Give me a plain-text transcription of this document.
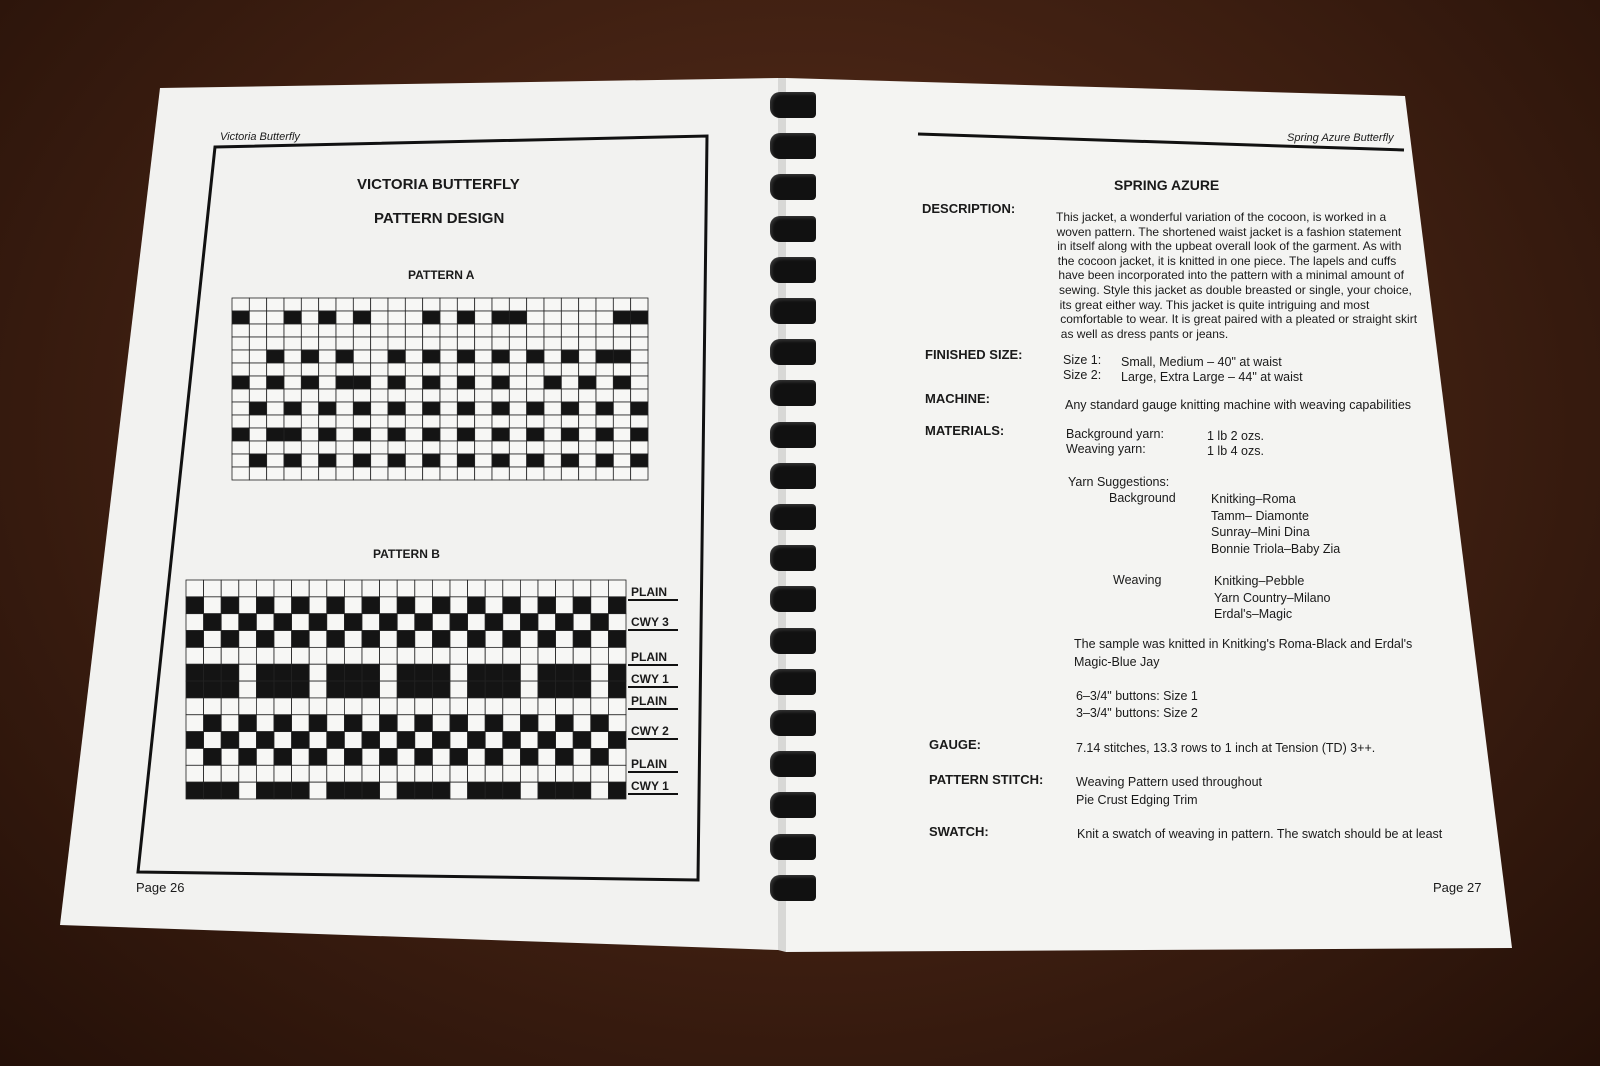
Victoria Butterfly
VICTORIA BUTTERFLY
PATTERN DESIGN
PATTERN A
PATTERN B
PLAIN
CWY 3
PLAIN
CWY 1
PLAIN
CWY 2
PLAIN
CWY 1
Page 26
Spring Azure Butterfly
SPRING AZURE
DESCRIPTION:
This jacket, a wonderful variation of the cocoon, is worked in a
woven pattern. The shortened waist jacket is a fashion statement
in itself along with the upbeat overall look of the garment. As with
the cocoon jacket, it is knitted in one piece. The lapels and cuffs
have been incorporated into the pattern with a minimal amount of
sewing. Style this jacket as double breasted or single, your choice,
its great either way. This jacket is quite intriguing and most
comfortable to wear. It is great paired with a pleated or straight skirt
as well as dress pants or jeans.
FINISHED SIZE:	Size 1: Small, Medium – 40" at waist
Size 2: Large, Extra Large – 44" at waist
MACHINE:	Any standard gauge knitting machine with weaving capabilities
MATERIALS:	Background yarn:	1 lb 2 ozs.
Weaving yarn:	1 lb 4 ozs.
Yarn Suggestions:
Background	Knitking–Roma
Tamm– Diamonte
Sunray–Mini Dina
Bonnie Triola–Baby Zia
Weaving	Knitking–Pebble
Yarn Country–Milano
Erdal's–Magic
The sample was knitted in Knitking's Roma-Black and Erdal's
Magic-Blue Jay
6–3/4" buttons: Size 1
3–3/4" buttons: Size 2
GAUGE:	7.14 stitches, 13.3 rows to 1 inch at Tension (TD) 3++.
PATTERN STITCH:	Weaving Pattern used throughout
Pie Crust Edging Trim
SWATCH:	Knit a swatch of weaving in pattern. The swatch should be at least
Page 27
